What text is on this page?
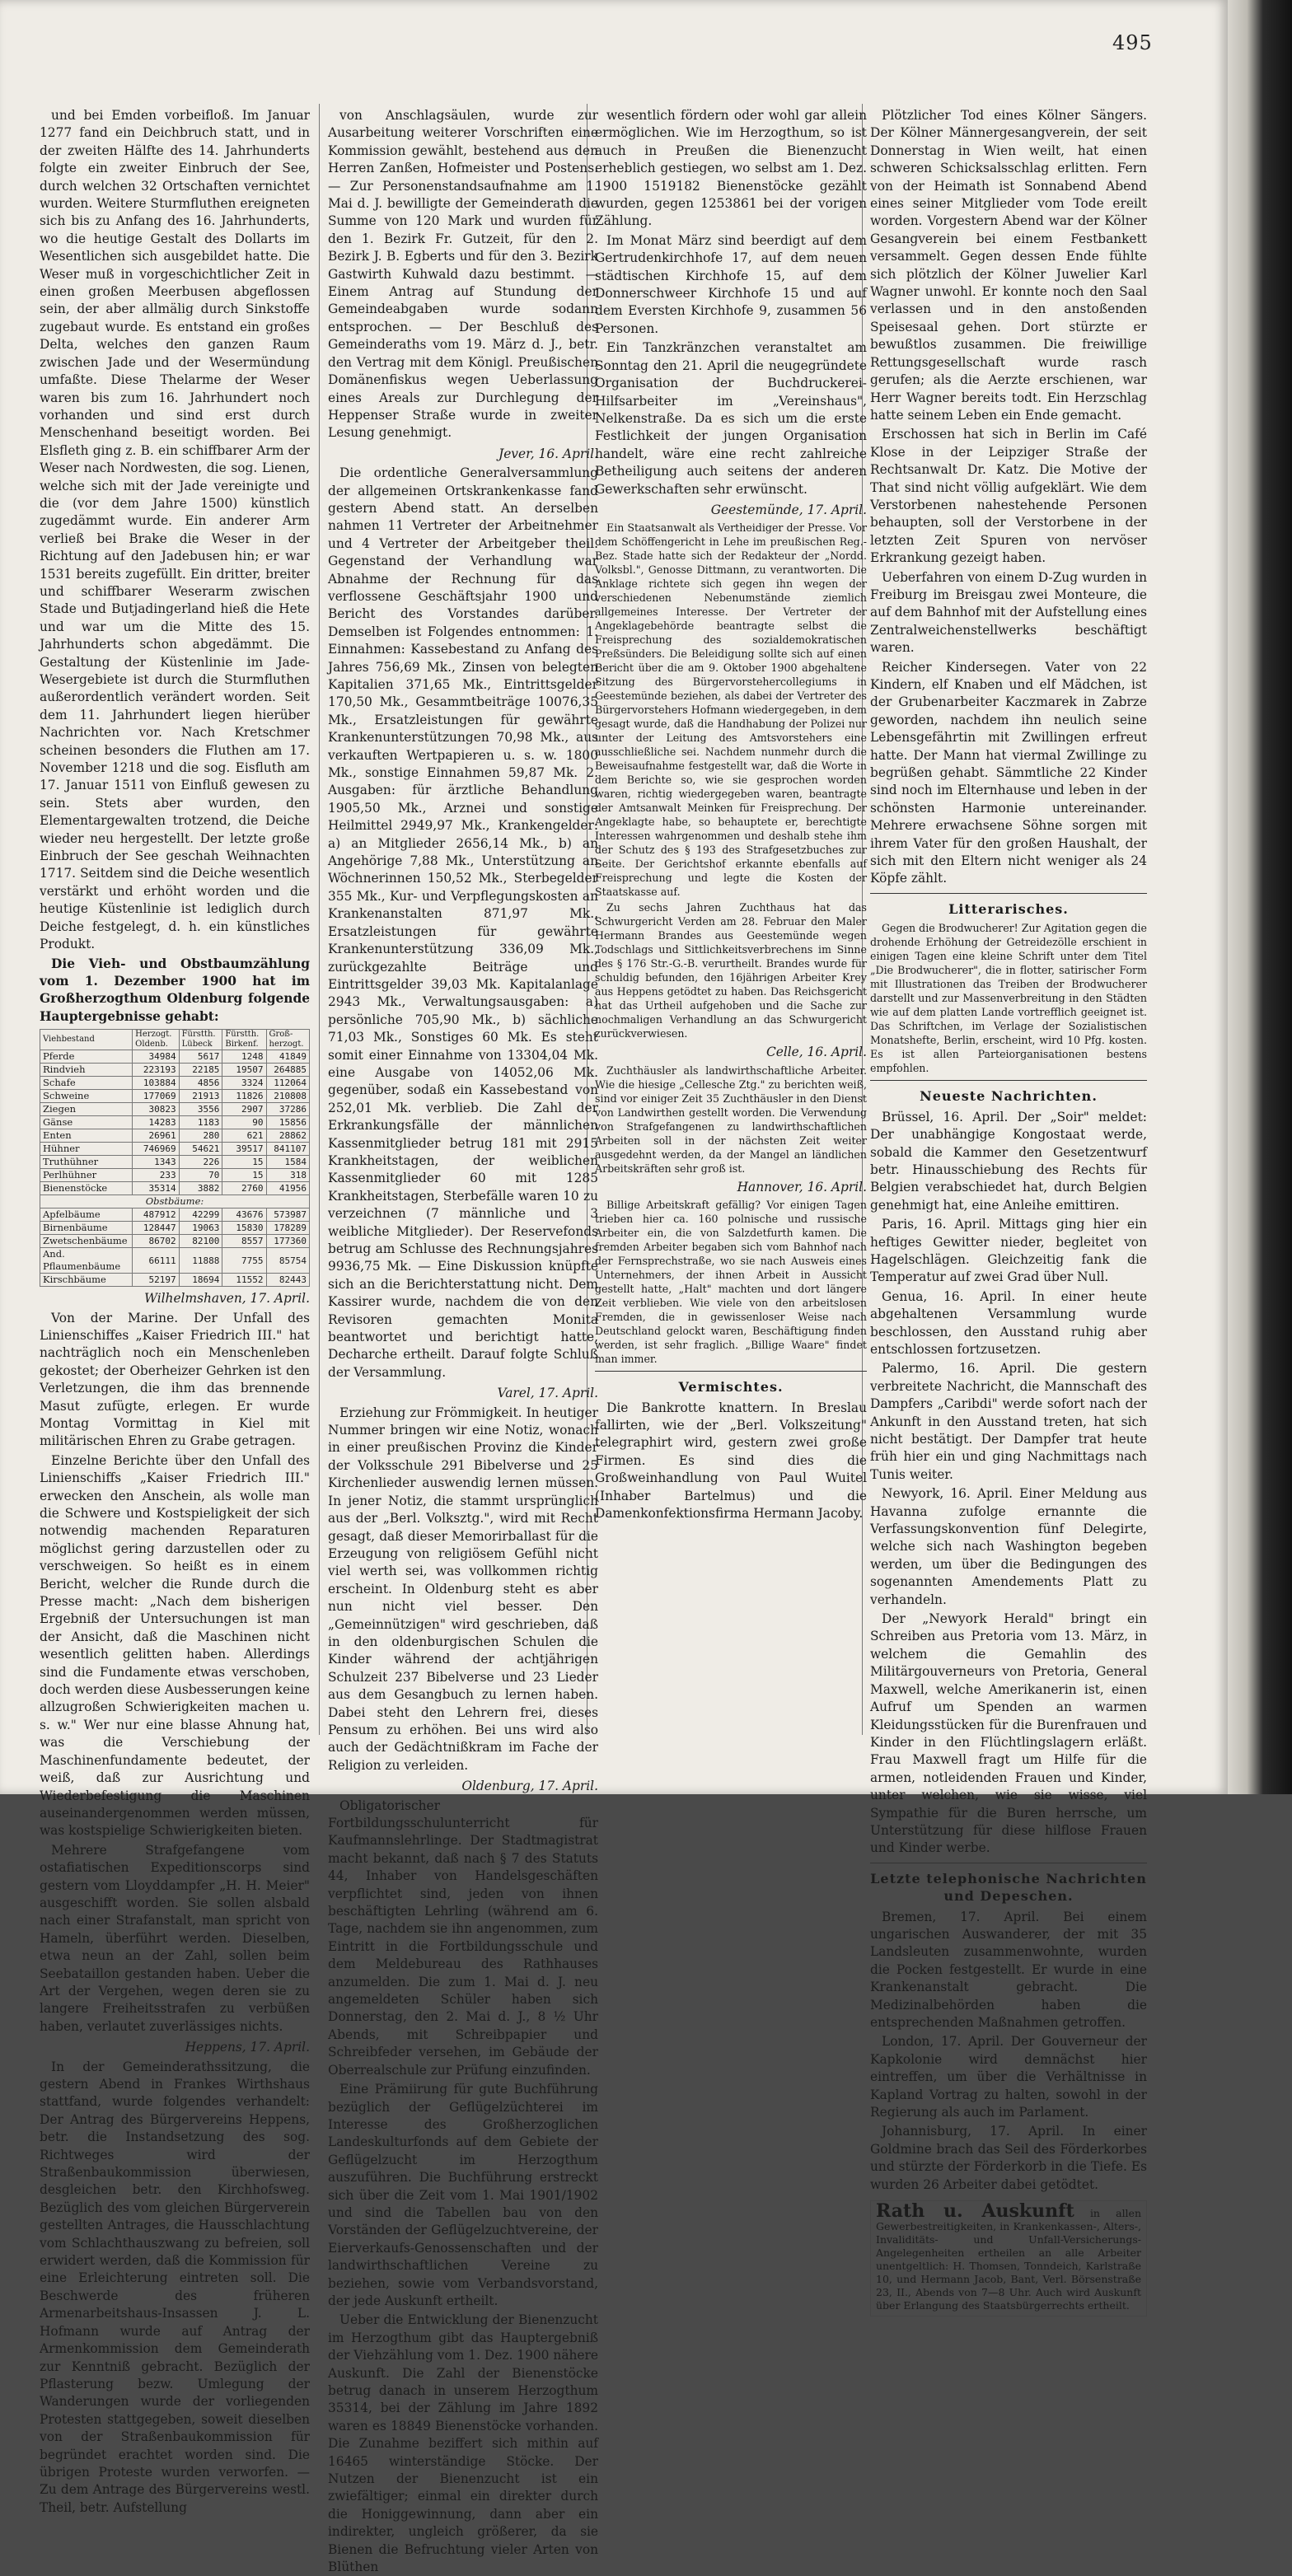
495

und bei Emden vorbeifloß. Im Januar 1277 fand ein Deichbruch statt, und in der zweiten Hälfte des 14. Jahrhunderts folgte ein zweiter Einbruch der See, durch welchen 32 Ortschaften vernichtet wurden. Weitere Sturmfluthen ereigneten sich bis zu Anfang des 16. Jahrhunderts, wo die heutige Gestalt des Dollarts im Wesentlichen sich ausgebildet hatte. Die Weser muß in vorgeschichtlicher Zeit in einen großen Meerbusen abgeflossen sein, der aber allmälig durch Sinkstoffe zugebaut wurde. Es entstand ein großes Delta, welches den ganzen Raum zwischen Jade und der Wesermündung umfaßte. Diese Thelarme der Weser waren bis zum 16. Jahrhundert noch vorhanden und sind erst durch Menschenhand beseitigt worden. Bei Elsfleth ging z. B. ein schiffbarer Arm der Weser nach Nordwesten, die sog. Lienen, welche sich mit der Jade vereinigte und die (vor dem Jahre 1500) künstlich zugedämmt wurde. Ein anderer Arm verließ bei Brake die Weser in der Richtung auf den Jadebusen hin; er war 1531 bereits zugefüllt. Ein dritter, breiter und schiffbarer Weserarm zwischen Stade und Butjadingerland hieß die Hete und war um die Mitte des 15. Jahrhunderts schon abgedämmt. Die Gestaltung der Küstenlinie im Jade-Wesergebiete ist durch die Sturmfluthen außerordentlich verändert worden. Seit dem 11. Jahrhundert liegen hierüber Nachrichten vor. Nach Kretschmer scheinen besonders die Fluthen am 17. November 1218 und die sog. Eisfluth am 17. Januar 1511 von Einfluß gewesen zu sein. Stets aber wurden, den Elementargewalten trotzend, die Deiche wieder neu hergestellt. Der letzte große Einbruch der See geschah Weihnachten 1717. Seitdem sind die Deiche wesentlich verstärkt und erhöht worden und die heutige Küstenlinie ist lediglich durch Deiche festgelegt, d. h. ein künstliches Produkt.

Die Vieh- und Obstbaumzählung vom 1. Dezember 1900 hat im Großherzogthum Oldenburg folgende Hauptergebnisse gehabt:

Viehbestand	Herzogt. Oldenb.	Fürstth. Lübeck	Fürstth. Birkenf.	Groß-herzogt.
Pferde	34984	5617	1248	41849
Rindvieh	223193	22185	19507	264885
Schafe	103884	4856	3324	112064
Schweine	177069	21913	11826	210808
Ziegen	30823	3556	2907	37286
Gänse	14283	1183	90	15856
Enten	26961	280	621	28862
Hühner	746969	54621	39517	841107
Truthühner	1343	226	15	1584
Perlhühner	233	70	15	318
Bienenstöcke	35314	3882	2760	41956
Obstbäume:				
Apfelbäume	487912	42299	43676	573987
Birnenbäume	128447	19063	15830	178289
Zwetschenbäume	86702	82100	8557	177360
And. Pflaumenbäume	66111	11888	7755	85754
Kirschbäume	52197	18694	11552	82443
Wilhelmshaven, 17. April.

Von der Marine. Der Unfall des Linienschiffes „Kaiser Friedrich III." hat nachträglich noch ein Menschenleben gekostet; der Oberheizer Gehrken ist den Verletzungen, die ihm das brennende Masut zufügte, erlegen. Er wurde Montag Vormittag in Kiel mit militärischen Ehren zu Grabe getragen.

Einzelne Berichte über den Unfall des Linienschiffs „Kaiser Friedrich III." erwecken den Anschein, als wolle man die Schwere und Kostspieligkeit der sich notwendig machenden Reparaturen möglichst gering darzustellen oder zu verschweigen. So heißt es in einem Bericht, welcher die Runde durch die Presse macht: „Nach dem bisherigen Ergebniß der Untersuchungen ist man der Ansicht, daß die Maschinen nicht wesentlich gelitten haben. Allerdings sind die Fundamente etwas verschoben, doch werden diese Ausbesserungen keine allzugroßen Schwierigkeiten machen u. s. w." Wer nur eine blasse Ahnung hat, was die Verschiebung der Maschinenfundamente bedeutet, der weiß, daß zur Ausrichtung und Wiederbefestigung die Maschinen auseinandergenommen werden müssen, was kostspielige Schwierigkeiten bieten.

Mehrere Strafgefangene vom ostafiatischen Expeditionscorps sind gestern vom Lloyddampfer „H. H. Meier" ausgeschifft worden. Sie sollen alsbald nach einer Strafanstalt, man spricht von Hameln, überführt werden. Dieselben, etwa neun an der Zahl, sollen beim Seebataillon gestanden haben. Ueber die Art der Vergehen, wegen deren sie zu langere Freiheitsstrafen zu verbüßen haben, verlautet zuverlässiges nichts.

Heppens, 17. April.

In der Gemeinderathssitzung, die gestern Abend in Frankes Wirthshaus stattfand, wurde folgendes verhandelt: Der Antrag des Bürgervereins Heppens, betr. die Instandsetzung des sog. Richtweges wird der Straßenbaukommission überwiesen, desgleichen betr. den Kirchhofsweg. Bezüglich des vom gleichen Bürgerverein gestellten Antrages, die Hausschlachtung vom Schlachthauszwang zu befreien, soll erwidert werden, daß die Kommission für eine Erleichterung eintreten soll. Die Beschwerde des früheren Armenarbeitshaus-Insassen J. L. Hofmann wurde auf Antrag der Armenkommission dem Gemeinderath zur Kenntniß gebracht. Bezüglich der Pflasterung bezw. Umlegung der Wanderungen wurde der vorliegenden Protesten stattgegeben, soweit dieselben von der Straßenbaukommission für begründet erachtet worden sind. Die übrigen Proteste wurden verworfen. — Zu dem Antrage des Bürgervereins westl. Theil, betr. Aufstellung

von Anschlagsäulen, wurde zur Ausarbeitung weiterer Vorschriften eine Kommission gewählt, bestehend aus den Herren Zanßen, Hofmeister und Postens. — Zur Personenstandsaufnahme am 1. Mai d. J. bewilligte der Gemeinderath die Summe von 120 Mark und wurden für den 1. Bezirk Fr. Gutzeit, für den 2. Bezirk J. B. Egberts und für den 3. Bezirk Gastwirth Kuhwald dazu bestimmt. — Einem Antrag auf Stundung der Gemeindeabgaben wurde sodann entsprochen. — Der Beschluß des Gemeinderaths vom 19. März d. J., betr. den Vertrag mit dem Königl. Preußischen Domänenfiskus wegen Ueberlassung eines Areals zur Durchlegung der Heppenser Straße wurde in zweiter Lesung genehmigt.

Jever, 16. April.

Die ordentliche Generalversammlung der allgemeinen Ortskrankenkasse fand gestern Abend statt. An derselben nahmen 11 Vertreter der Arbeitnehmer und 4 Vertreter der Arbeitgeber theil. Gegenstand der Verhandlung war Abnahme der Rechnung für das verflossene Geschäftsjahr 1900 und Bericht des Vorstandes darüber. Demselben ist Folgendes entnommen: 1. Einnahmen: Kassebestand zu Anfang des Jahres 756,69 Mk., Zinsen von belegten Kapitalien 371,65 Mk., Eintrittsgelder 170,50 Mk., Gesammtbeiträge 10076,35 Mk., Ersatzleistungen für gewährte Krankenunterstützungen 70,98 Mk., aus verkauften Wertpapieren u. s. w. 1800 Mk., sonstige Einnahmen 59,87 Mk. 2. Ausgaben: für ärztliche Behandlung 1905,50 Mk., Arznei und sonstige Heilmittel 2949,97 Mk., Krankengelder: a) an Mitglieder 2656,14 Mk., b) an Angehörige 7,88 Mk., Unterstützung an Wöchnerinnen 150,52 Mk., Sterbegelder 355 Mk., Kur- und Verpflegungskosten an Krankenanstalten 871,97 Mk., Ersatzleistungen für gewährte Krankenunterstützung 336,09 Mk., zurückgezahlte Beiträge und Eintrittsgelder 39,03 Mk. Kapitalanlage 2943 Mk., Verwaltungsausgaben: a) persönliche 705,90 Mk., b) sächliche 71,03 Mk., Sonstiges 60 Mk. Es steht somit einer Einnahme von 13304,04 Mk. eine Ausgabe von 14052,06 Mk. gegenüber, sodaß ein Kassebestand von 252,01 Mk. verblieb. Die Zahl der Erkrankungsfälle der männlichen Kassenmitglieder betrug 181 mit 2915 Krankheitstagen, der weiblichen Kassenmitglieder 60 mit 1285 Krankheitstagen, Sterbefälle waren 10 zu verzeichnen (7 männliche und 3 weibliche Mitglieder). Der Reservefonds betrug am Schlusse des Rechnungsjahres 9936,75 Mk. — Eine Diskussion knüpfte sich an die Berichterstattung nicht. Dem Kassirer wurde, nachdem die von den Revisoren gemachten Monita beantwortet und berichtigt hatte, Decharche ertheilt. Darauf folgte Schluß der Versammlung.

Varel, 17. April.

Erziehung zur Frömmigkeit. In heutiger Nummer bringen wir eine Notiz, wonach in einer preußischen Provinz die Kinder der Volksschule 291 Bibelverse und 25 Kirchenlieder auswendig lernen müssen. In jener Notiz, die stammt ursprünglich aus der „Berl. Volksztg.", wird mit Recht gesagt, daß dieser Memorirballast für die Erzeugung von religiösem Gefühl nicht viel werth sei, was vollkommen richtig erscheint. In Oldenburg steht es aber nun nicht viel besser. Den „Gemeinnützigen" wird geschrieben, daß in den oldenburgischen Schulen die Kinder während der achtjährigen Schulzeit 237 Bibelverse und 23 Lieder aus dem Gesangbuch zu lernen haben. Dabei steht den Lehrern frei, dieses Pensum zu erhöhen. Bei uns wird also auch der Gedächtnißkram im Fache der Religion zu verleiden.

Oldenburg, 17. April.

Obligatorischer Fortbildungsschulunterricht für Kaufmannslehrlinge. Der Stadtmagistrat macht bekannt, daß nach § 7 des Statuts 44, Inhaber von Handelsgeschäften verpflichtet sind, jeden von ihnen beschäftigten Lehrling (während am 6. Tage, nachdem sie ihn angenommen, zum Eintritt in die Fortbildungsschule und dem Meldebureau des Rathhauses anzumelden. Die zum 1. Mai d. J. neu angemeldeten Schüler haben sich Donnerstag, den 2. Mai d. J., 8 ½ Uhr Abends, mit Schreibpapier und Schreibfeder versehen, im Gebäude der Oberrealschule zur Prüfung einzufinden.

Eine Prämiirung für gute Buchführung bezüglich der Geflügelzüchterei im Interesse des Großherzoglichen Landeskulturfonds auf dem Gebiete der Geflügelzucht im Herzogthum auszuführen. Die Buchführung erstreckt sich über die Zeit vom 1. Mai 1901/1902 und sind die Tabellen bau von den Vorständen der Geflügelzuchtvereine, der Eierverkaufs-Genossenschaften und der landwirthschaftlichen Vereine zu beziehen, sowie vom Verbandsvorstand, der jede Auskunft ertheilt.

Ueber die Entwicklung der Bienenzucht im Herzogthum gibt das Hauptergebniß der Viehzählung vom 1. Dez. 1900 nähere Auskunft. Die Zahl der Bienenstöcke betrug danach in unserem Herzogthum 35314, bei der Zählung im Jahre 1892 waren es 18849 Bienenstöcke vorhanden. Die Zunahme beziffert sich mithin auf 16465 winterständige Stöcke. Der Nutzen der Bienenzucht ist ein zwiefältiger; einmal ein direkter durch die Honiggewinnung, dann aber ein indirekter, ungleich größerer, da sie Bienen die Befruchtung vieler Arten von Blüthen

wesentlich fördern oder wohl gar allein ermöglichen. Wie im Herzogthum, so ist auch in Preußen die Bienenzucht erheblich gestiegen, wo selbst am 1. Dez. 1900 1519182 Bienenstöcke gezählt wurden, gegen 1253861 bei der vorigen Zählung.

Im Monat März sind beerdigt auf dem Gertrudenkirchhofe 17, auf dem neuen städtischen Kirchhofe 15, auf dem Donnerschweer Kirchhofe 15 und auf dem Eversten Kirchhofe 9, zusammen 56 Personen.

Ein Tanzkränzchen veranstaltet am Sonntag den 21. April die neugegründete Organisation der Buchdruckerei-Hilfsarbeiter im „Vereinshaus", Nelkenstraße. Da es sich um die erste Festlichkeit der jungen Organisation handelt, wäre eine recht zahlreiche Betheiligung auch seitens der anderen Gewerkschaften sehr erwünscht.

Geestemünde, 17. April.

Ein Staatsanwalt als Vertheidiger der Presse. Vor dem Schöffengericht in Lehe im preußischen Reg.-Bez. Stade hatte sich der Redakteur der „Nordd. Volksbl.", Genosse Dittmann, zu verantworten. Die Anklage richtete sich gegen ihn wegen der verschiedenen Nebenumstände ziemlich allgemeines Interesse. Der Vertreter der Angeklagebehörde beantragte selbst die Freisprechung des sozialdemokratischen Preßsünders. Die Beleidigung sollte sich auf einen Bericht über die am 9. Oktober 1900 abgehaltene Sitzung des Bürgervorstehercollegiums in Geestemünde beziehen, als dabei der Vertreter des Bürgervorstehers Hofmann wiedergegeben, in dem gesagt wurde, daß die Handhabung der Polizei nur unter der Leitung des Amtsvorstehers eine ausschließliche sei. Nachdem nunmehr durch die Beweisaufnahme festgestellt war, daß die Worte in dem Berichte so, wie sie gesprochen worden waren, richtig wiedergegeben waren, beantragte der Amtsanwalt Meinken für Freisprechung. Der Angeklagte habe, so behauptete er, berechtigte Interessen wahrgenommen und deshalb stehe ihm der Schutz des § 193 des Strafgesetzbuches zur Seite. Der Gerichtshof erkannte ebenfalls auf Freisprechung und legte die Kosten der Staatskasse auf.

Zu sechs Jahren Zuchthaus hat das Schwurgericht Verden am 28. Februar den Maler Hermann Brandes aus Geestemünde wegen Todschlags und Sittlichkeitsverbrechens im Sinne des § 176 Str.-G.-B. verurtheilt. Brandes wurde für schuldig befunden, den 16jährigen Arbeiter Krey aus Heppens getödtet zu haben. Das Reichsgericht hat das Urtheil aufgehoben und die Sache zur nochmaligen Verhandlung an das Schwurgericht zurückverwiesen.

Celle, 16. April.

Zuchthäusler als landwirthschaftliche Arbeiter. Wie die hiesige „Cellesche Ztg." zu berichten weiß, sind vor einiger Zeit 35 Zuchthäusler in den Dienst von Landwirthen gestellt worden. Die Verwendung von Strafgefangenen zu landwirthschaftlichen Arbeiten soll in der nächsten Zeit weiter ausgedehnt werden, da der Mangel an ländlichen Arbeitskräften sehr groß ist.

Hannover, 16. April.

Billige Arbeitskraft gefällig? Vor einigen Tagen trieben hier ca. 160 polnische und russische Arbeiter ein, die von Salzdetfurth kamen. Die fremden Arbeiter begaben sich vom Bahnhof nach der Fernsprechstraße, wo sie nach Ausweis eines Unternehmers, der ihnen Arbeit in Aussicht gestellt hatte, „Halt" machten und dort längere Zeit verblieben. Wie viele von den arbeitslosen Fremden, die in gewissenloser Weise nach Deutschland gelockt waren, Beschäftigung finden werden, ist sehr fraglich. „Billige Waare" findet man immer.

Vermischtes.

Die Bankrotte knattern. In Breslau fallirten, wie der „Berl. Volkszeitung" telegraphirt wird, gestern zwei große Firmen. Es sind dies die Großweinhandlung von Paul Wuitel (Inhaber Bartelmus) und die Damenkonfektionsfirma Hermann Jacoby.

Plötzlicher Tod eines Kölner Sängers. Der Kölner Männergesangverein, der seit Donnerstag in Wien weilt, hat einen schweren Schicksalsschlag erlitten. Fern von der Heimath ist Sonnabend Abend eines seiner Mitglieder vom Tode ereilt worden. Vorgestern Abend war der Kölner Gesangverein bei einem Festbankett versammelt. Gegen dessen Ende fühlte sich plötzlich der Kölner Juwelier Karl Wagner unwohl. Er konnte noch den Saal verlassen und in den anstoßenden Speisesaal gehen. Dort stürzte er bewußtlos zusammen. Die freiwillige Rettungsgesellschaft wurde rasch gerufen; als die Aerzte erschienen, war Herr Wagner bereits todt. Ein Herzschlag hatte seinem Leben ein Ende gemacht.

Erschossen hat sich in Berlin im Café Klose in der Leipziger Straße der Rechtsanwalt Dr. Katz. Die Motive der That sind nicht völlig aufgeklärt. Wie dem Verstorbenen nahestehende Personen behaupten, soll der Verstorbene in der letzten Zeit Spuren von nervöser Erkrankung gezeigt haben.

Ueberfahren von einem D-Zug wurden in Freiburg im Breisgau zwei Monteure, die auf dem Bahnhof mit der Aufstellung eines Zentralweichenstellwerks beschäftigt waren.

Reicher Kindersegen. Vater von 22 Kindern, elf Knaben und elf Mädchen, ist der Grubenarbeiter Kaczmarek in Zabrze geworden, nachdem ihn neulich seine Lebensgefährtin mit Zwillingen erfreut hatte. Der Mann hat viermal Zwillinge zu begrüßen gehabt. Sämmtliche 22 Kinder sind noch im Elternhause und leben in der schönsten Harmonie untereinander. Mehrere erwachsene Söhne sorgen mit ihrem Vater für den großen Haushalt, der sich mit den Eltern nicht weniger als 24 Köpfe zählt.

Litterarisches.

Gegen die Brodwucherer! Zur Agitation gegen die drohende Erhöhung der Getreidezölle erschient in einigen Tagen eine kleine Schrift unter dem Titel „Die Brodwucherer", die in flotter, satirischer Form mit Illustrationen das Treiben der Brodwucherer darstellt und zur Massenverbreitung in den Städten wie auf dem platten Lande vortrefflich geeignet ist. Das Schriftchen, im Verlage der Sozialistischen Monatshefte, Berlin, erscheint, wird 10 Pfg. kosten. Es ist allen Parteiorganisationen bestens empfohlen.

Neueste Nachrichten.

Brüssel, 16. April. Der „Soir" meldet: Der unabhängige Kongostaat werde, sobald die Kammer den Gesetzentwurf betr. Hinausschiebung des Rechts für Belgien verabschiedet hat, durch Belgien genehmigt hat, eine Anleihe emittiren.

Paris, 16. April. Mittags ging hier ein heftiges Gewitter nieder, begleitet von Hagelschlägen. Gleichzeitig fank die Temperatur auf zwei Grad über Null.

Genua, 16. April. In einer heute abgehaltenen Versammlung wurde beschlossen, den Ausstand ruhig aber entschlossen fortzusetzen.

Palermo, 16. April. Die gestern verbreitete Nachricht, die Mannschaft des Dampfers „Caribdi" werde sofort nach der Ankunft in den Ausstand treten, hat sich nicht bestätigt. Der Dampfer trat heute früh hier ein und ging Nachmittags nach Tunis weiter.

Newyork, 16. April. Einer Meldung aus Havanna zufolge ernannte die Verfassungskonvention fünf Delegirte, welche sich nach Washington begeben werden, um über die Bedingungen des sogenannten Amendements Platt zu verhandeln.

Der „Newyork Herald" bringt ein Schreiben aus Pretoria vom 13. März, in welchem die Gemahlin des Militärgouverneurs von Pretoria, General Maxwell, welche Amerikanerin ist, einen Aufruf um Spenden an warmen Kleidungsstücken für die Burenfrauen und Kinder in den Flüchtlingslagern erläßt. Frau Maxwell fragt um Hilfe für die armen, notleidenden Frauen und Kinder, unter welchen, wie sie wisse, viel Sympathie für die Buren herrsche, um Unterstützung für diese hilflose Frauen und Kinder werbe.

Letzte telephonische Nachrichten und Depeschen.

Bremen, 17. April. Bei einem ungarischen Auswanderer, der mit 35 Landsleuten zusammenwohnte, wurden die Pocken festgestellt. Er wurde in eine Krankenanstalt gebracht. Die Medizinalbehörden haben die entsprechenden Maßnahmen getroffen.

London, 17. April. Der Gouverneur der Kapkolonie wird demnächst hier eintreffen, um über die Verhältnisse in Kapland Vortrag zu halten, sowohl in der Regierung als auch im Parlament.

Johannisburg, 17. April. In einer Goldmine brach das Seil des Förderkorbes und stürzte der Förderkorb in die Tiefe. Es wurden 26 Arbeiter dabei getödtet.

Rath u. Auskunft in allen Gewerbestreitigkeiten, in Krankenkassen-, Alters-, Invaliditäts- und Unfall-Versicherungs-Angelegenheiten ertheilen an alle Arbeiter unentgeltlich: H. Thomsen, Tonndeich, Karlstraße 10, und Hermann Jacob, Bant, Verl. Börsenstraße 23, II., Abends von 7—8 Uhr. Auch wird Auskunft über Erlangung des Staatsbürgerrechts ertheilt.
